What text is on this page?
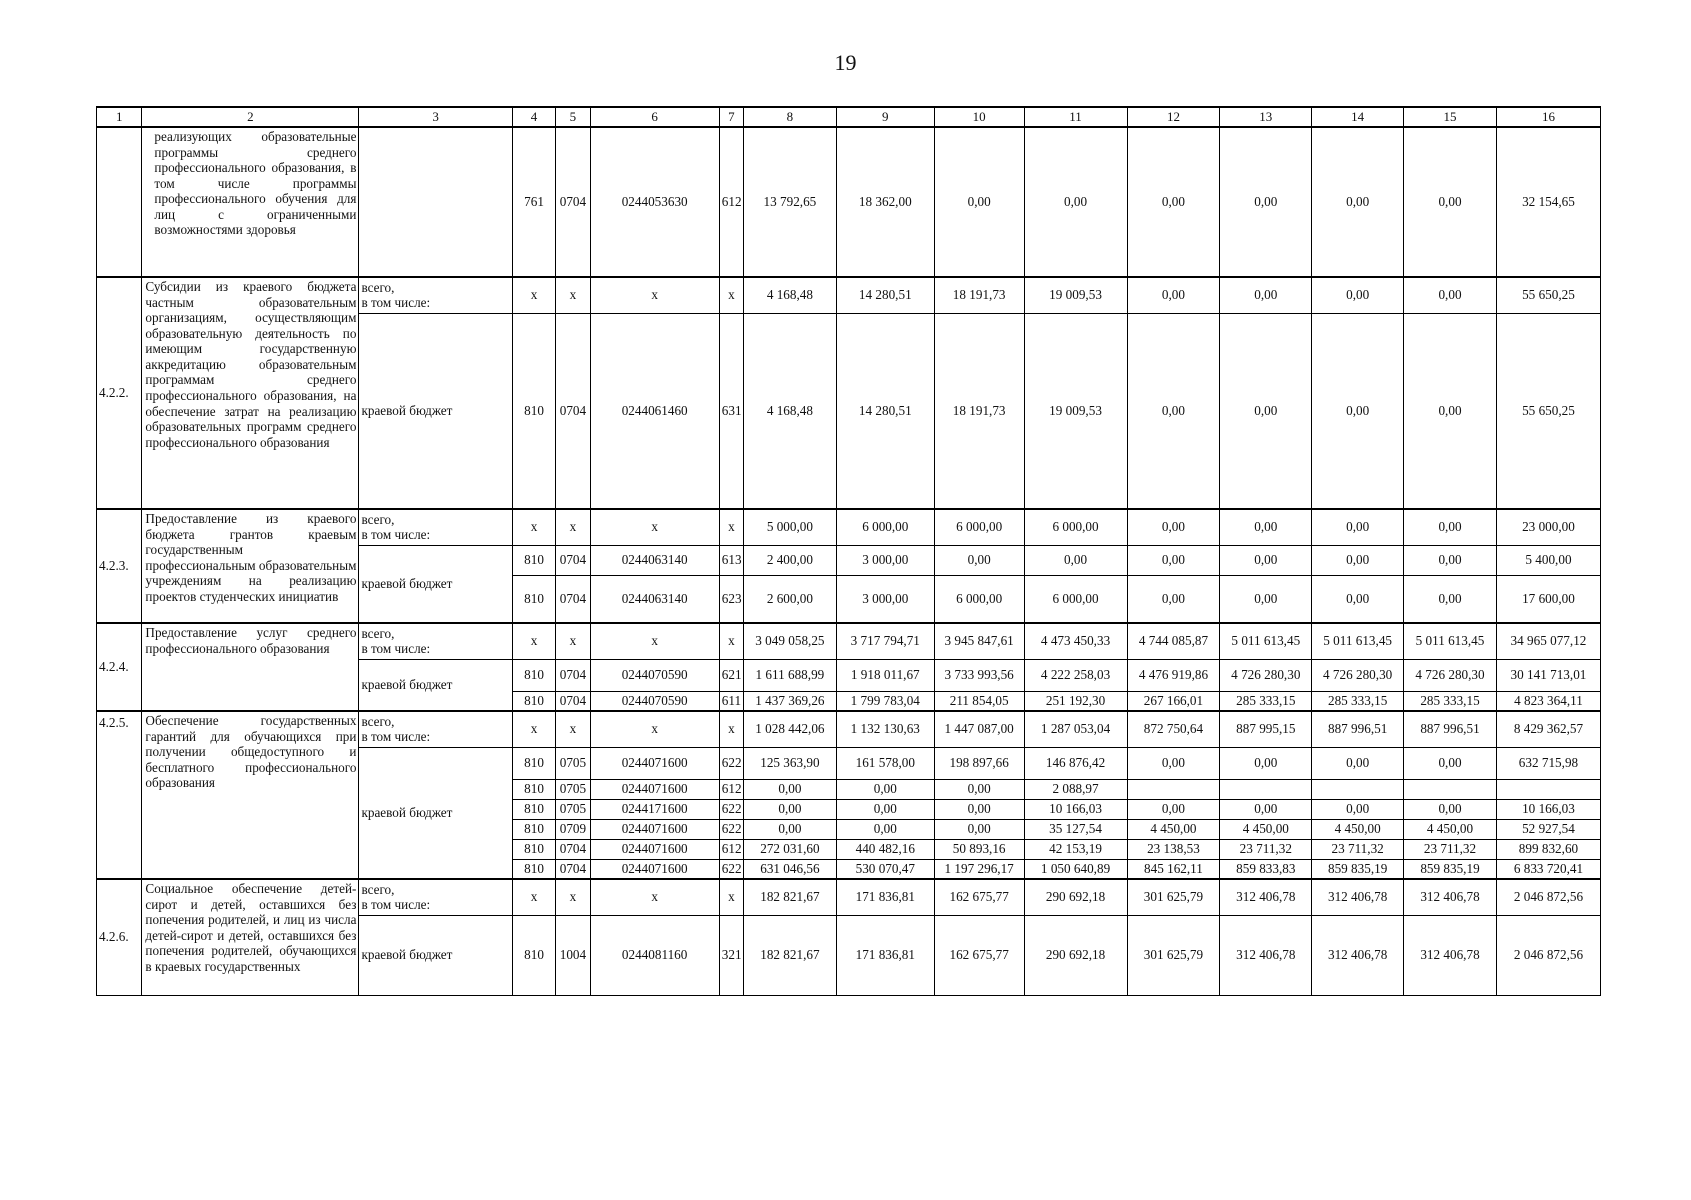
19
1	2	3	4	5	6	7	8	9	10	11	12	13	14	15	16
	реализующих образовательные программы среднего профессионального образования, в том числе программы профессионального обучения для лиц с ограниченными возможностями здоровья		761	0704	0244053630	612	13 792,65	18 362,00	0,00	0,00	0,00	0,00	0,00	0,00	32 154,65
4.2.2.	Субсидии из краевого бюджета частным образовательным организациям, осуществляющим образовательную деятельность по имеющим государственную аккредитацию образовательным программам среднего профессионального образования, на обеспечение затрат на реализацию образовательных программ среднего профессионального образования	всего,
в том числе:	х	х	х	х	4 168,48	14 280,51	18 191,73	19 009,53	0,00	0,00	0,00	0,00	55 650,25
		краевой бюджет	810	0704	0244061460	631	4 168,48	14 280,51	18 191,73	19 009,53	0,00	0,00	0,00	0,00	55 650,25
4.2.3.	Предоставление из краевого бюджета грантов краевым государственным профессиональным образовательным учреждениям на реализацию проектов студенческих инициатив	всего,
в том числе:	х	х	х	х	5 000,00	6 000,00	6 000,00	6 000,00	0,00	0,00	0,00	0,00	23 000,00
		краевой бюджет	810	0704	0244063140	613	2 400,00	3 000,00	0,00	0,00	0,00	0,00	0,00	0,00	5 400,00
			810	0704	0244063140	623	2 600,00	3 000,00	6 000,00	6 000,00	0,00	0,00	0,00	0,00	17 600,00
4.2.4.	Предоставление услуг среднего профессионального образования	всего,
в том числе:	х	х	х	х	3 049 058,25	3 717 794,71	3 945 847,61	4 473 450,33	4 744 085,87	5 011 613,45	5 011 613,45	5 011 613,45	34 965 077,12
		краевой бюджет	810	0704	0244070590	621	1 611 688,99	1 918 011,67	3 733 993,56	4 222 258,03	4 476 919,86	4 726 280,30	4 726 280,30	4 726 280,30	30 141 713,01
			810	0704	0244070590	611	1 437 369,26	1 799 783,04	211 854,05	251 192,30	267 166,01	285 333,15	285 333,15	285 333,15	4 823 364,11
4.2.5.	Обеспечение государственных гарантий для обучающихся при получении общедоступного и бесплатного профессионального образования	всего,
в том числе:	х	х	х	х	1 028 442,06	1 132 130,63	1 447 087,00	1 287 053,04	872 750,64	887 995,15	887 996,51	887 996,51	8 429 362,57
		краевой бюджет	810	0705	0244071600	622	125 363,90	161 578,00	198 897,66	146 876,42	0,00	0,00	0,00	0,00	632 715,98
			810	0705	0244071600	612	0,00	0,00	0,00	2 088,97					
			810	0705	0244171600	622	0,00	0,00	0,00	10 166,03	0,00	0,00	0,00	0,00	10 166,03
			810	0709	0244071600	622	0,00	0,00	0,00	35 127,54	4 450,00	4 450,00	4 450,00	4 450,00	52 927,54
			810	0704	0244071600	612	272 031,60	440 482,16	50 893,16	42 153,19	23 138,53	23 711,32	23 711,32	23 711,32	899 832,60
			810	0704	0244071600	622	631 046,56	530 070,47	1 197 296,17	1 050 640,89	845 162,11	859 833,83	859 835,19	859 835,19	6 833 720,41
4.2.6.	Социальное обеспечение детей-сирот и детей, оставшихся без попечения родителей, и лиц из числа детей-сирот и детей, оставшихся без попечения родителей, обучающихся в краевых государственных	всего,
в том числе:	х	х	х	х	182 821,67	171 836,81	162 675,77	290 692,18	301 625,79	312 406,78	312 406,78	312 406,78	2 046 872,56
		краевой бюджет	810	1004	0244081160	321	182 821,67	171 836,81	162 675,77	290 692,18	301 625,79	312 406,78	312 406,78	312 406,78	2 046 872,56
